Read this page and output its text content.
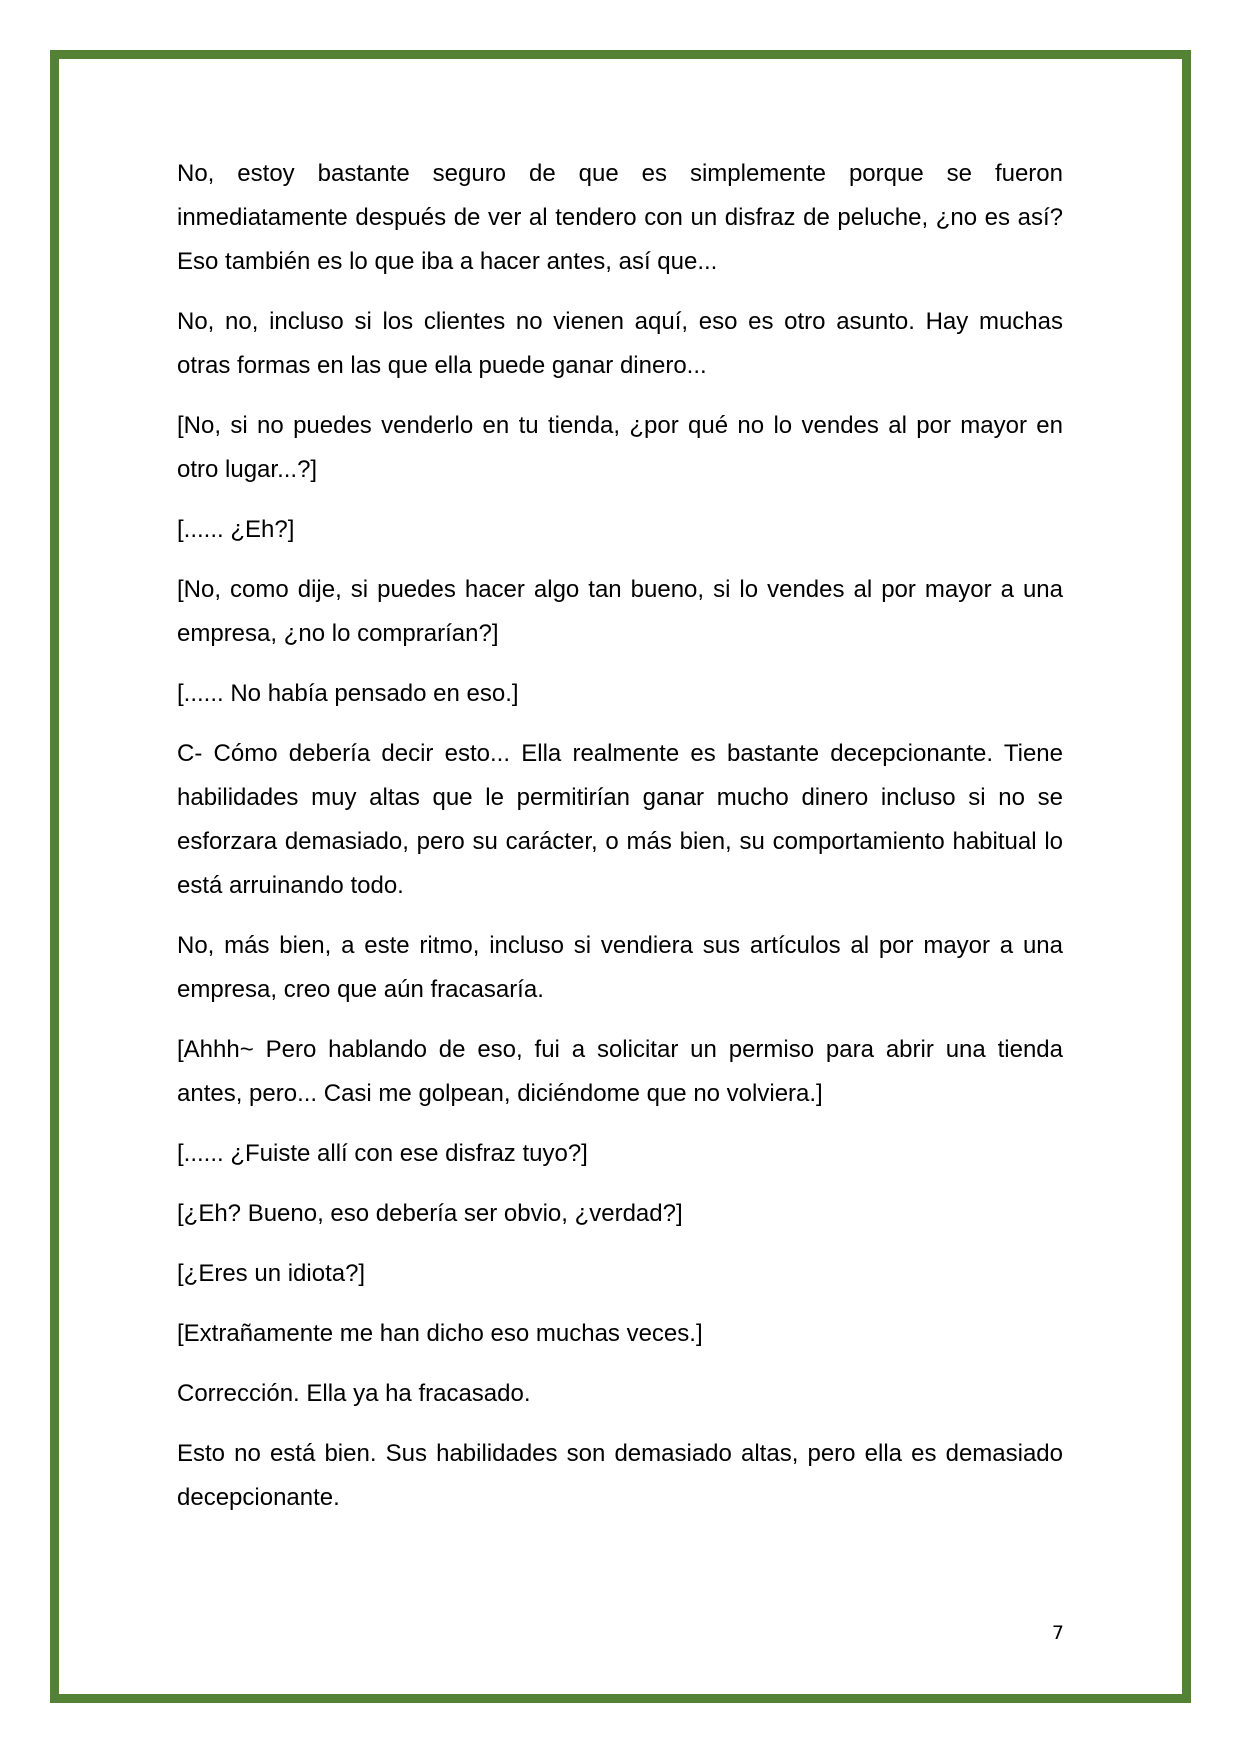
No, estoy bastante seguro de que es simplemente porque se fueron inmediatamente después de ver al tendero con un disfraz de peluche, ¿no es así? Eso también es lo que iba a hacer antes, así que...

No, no, incluso si los clientes no vienen aquí, eso es otro asunto. Hay muchas otras formas en las que ella puede ganar dinero...

[No, si no puedes venderlo en tu tienda, ¿por qué no lo vendes al por mayor en otro lugar...?]

[...... ¿Eh?]

[No, como dije, si puedes hacer algo tan bueno, si lo vendes al por mayor a una empresa, ¿no lo comprarían?]

[...... No había pensado en eso.]

C- Cómo debería decir esto... Ella realmente es bastante decepcionante. Tiene habilidades muy altas que le permitirían ganar mucho dinero incluso si no se esforzara demasiado, pero su carácter, o más bien, su comportamiento habitual lo está arruinando todo.

No, más bien, a este ritmo, incluso si vendiera sus artículos al por mayor a una empresa, creo que aún fracasaría.

[Ahhh~ Pero hablando de eso, fui a solicitar un permiso para abrir una tienda antes, pero... Casi me golpean, diciéndome que no volviera.]

[...... ¿Fuiste allí con ese disfraz tuyo?]

[¿Eh? Bueno, eso debería ser obvio, ¿verdad?]

[¿Eres un idiota?]

[Extrañamente me han dicho eso muchas veces.]

Corrección. Ella ya ha fracasado.

Esto no está bien. Sus habilidades son demasiado altas, pero ella es demasiado decepcionante.

7
